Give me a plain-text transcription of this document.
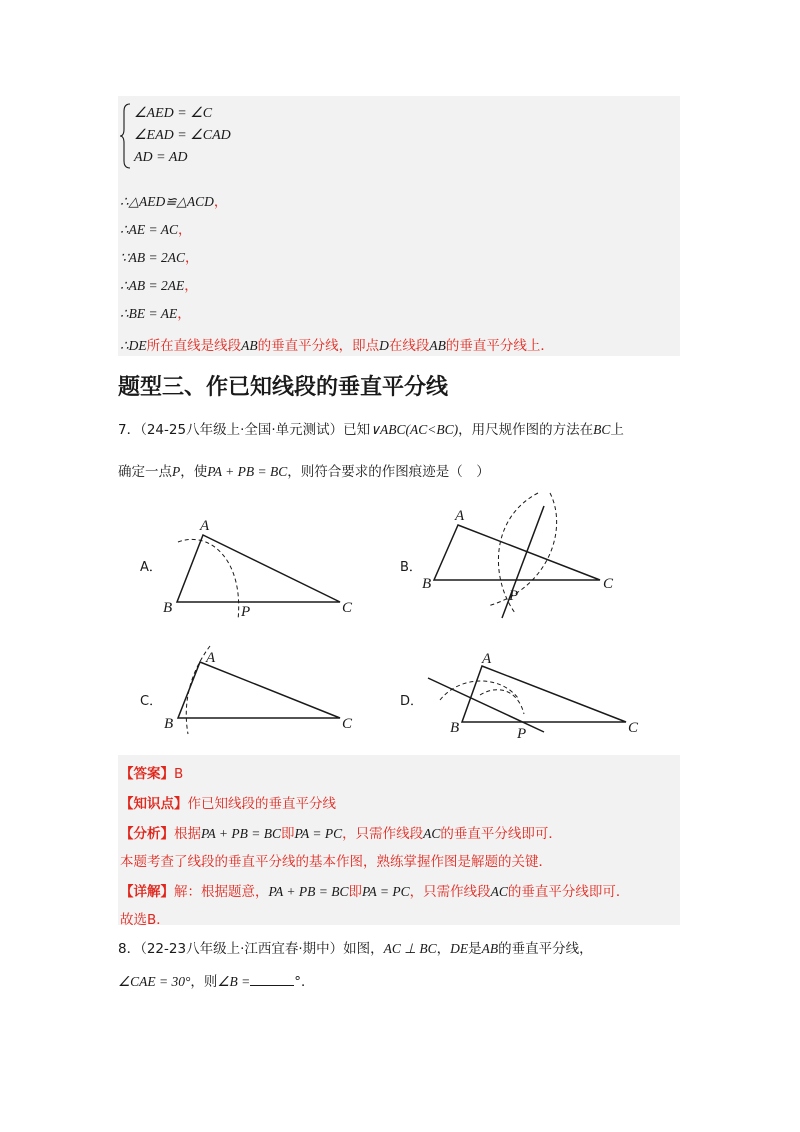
∠AED = ∠C
∠EAD = ∠CAD
AD = AD
∴△AED≌△ACD，
∴AE = AC，
∵AB = 2AC，
∴AB = 2AE，
∴BE = AE，
∴DE所在直线是线段AB的垂直平分线，即点D在线段AB的垂直平分线上．
题型三、作已知线段的垂直平分线
7．（24-25八年级上·全国·单元测试）已知∨ABC(AC<BC)，用尺规作图的方法在BC上
确定一点P，使PA + PB = BC，则符合要求的作图痕迹是（　）
A．
A
B	C
P
B．
A
B	C
P
C．
A
B	C
D．
A
B	C
P
【答案】B
【知识点】作已知线段的垂直平分线
【分析】根据PA + PB = BC即PA = PC，只需作线段AC的垂直平分线即可．
本题考查了线段的垂直平分线的基本作图，熟练掌握作图是解题的关键．
【详解】解：根据题意，PA + PB = BC即PA = PC，只需作线段AC的垂直平分线即可．
故选B．
8．（22-23八年级上·江西宜春·期中）如图，AC ⊥ BC，DE是AB的垂直平分线，
∠CAE = 30°，则∠B =	°．
